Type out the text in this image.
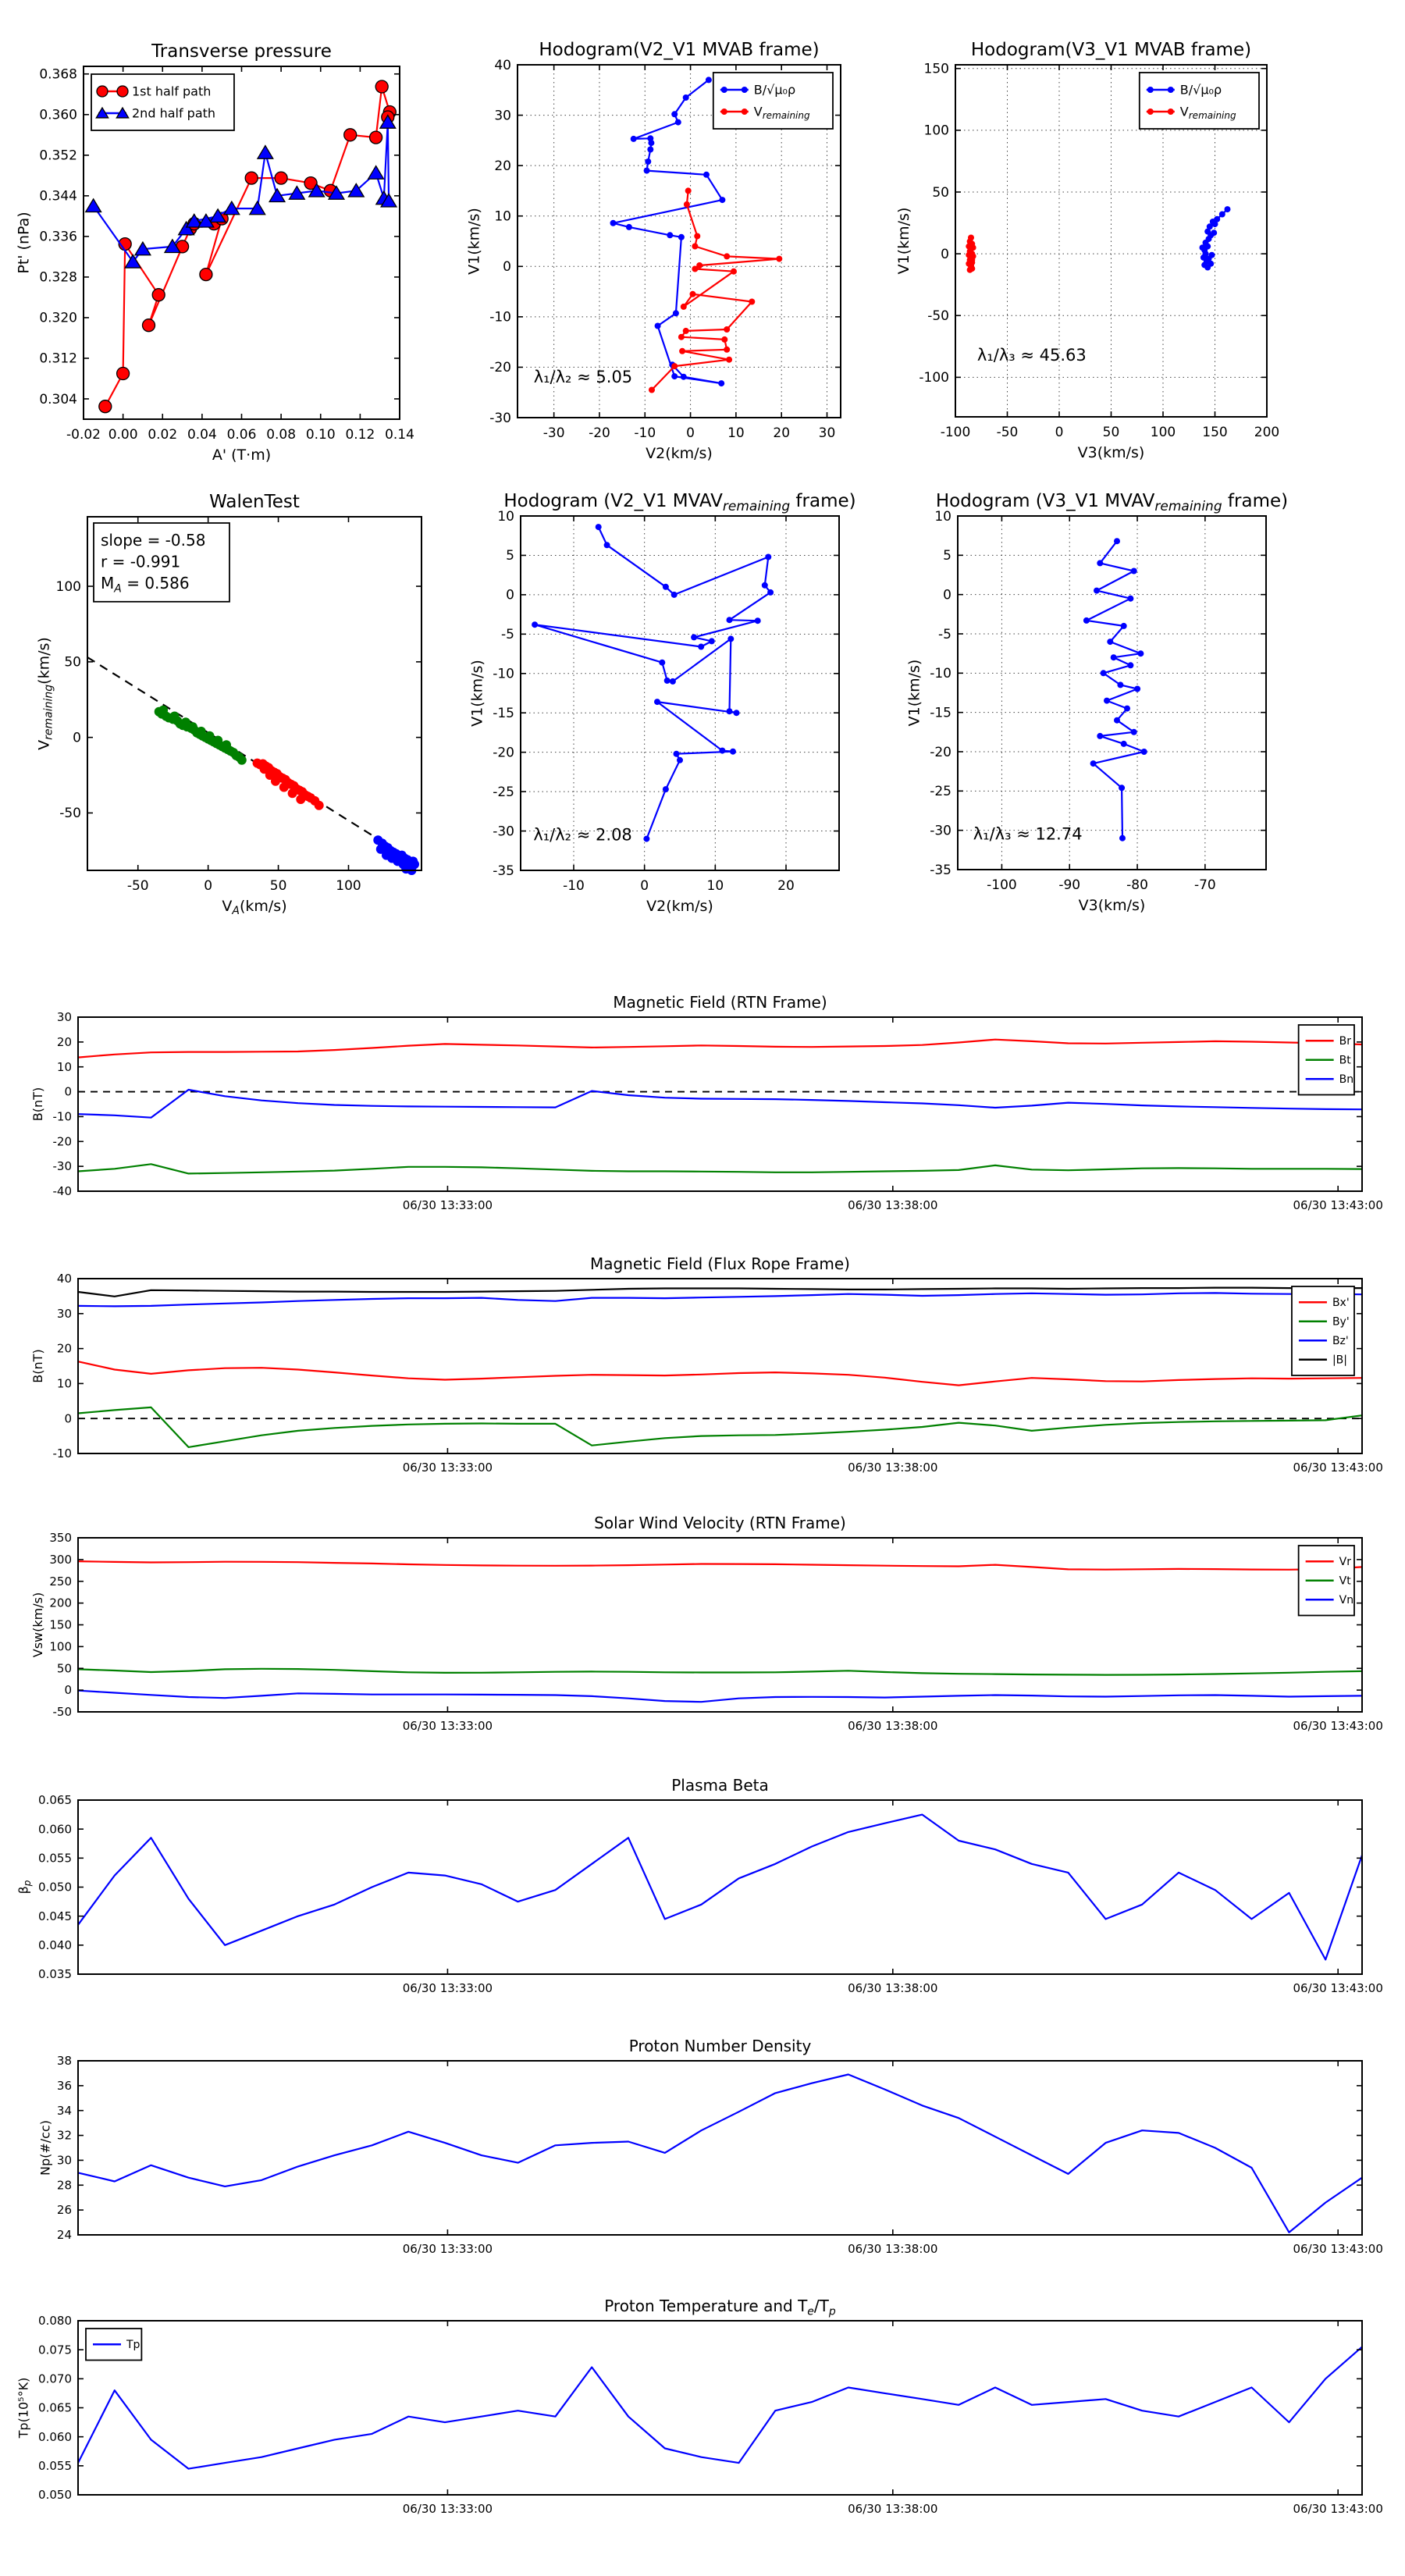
-0.02 0.00 0.02 0.04 0.06 0.08 0.10 0.12 0.14
0.304
0.312
0.320
0.328
0.336
0.344
0.352
0.360
0.368
Transverse pressure
A' (T·m)
Pt' (nPa)
1st half path
2nd half path
-30 -20 -10 0 10 20 30
-30
-20
-10
0
10
20
30
40
Hodogram(V2_V1 MVAB frame)
V2(km/s)
V1(km/s)
B/√μ₀ρ
$V_{remaining}$
λ₁/λ₂ ≈ 5.05
-100 -50	0	50 100 150 200
-100
-50
0
50
100
150
Hodogram(V3_V1 MVAB frame)
V3(km/s)
V1(km/s)
B/√μ₀ρ
$V_{remaining}$
λ₁/λ₃ ≈ 45.63
-50	0	50	100
-50
0
50
100
WalenTest
$V_A(km/s)$
$V_{remaining}(km/s)$
slope = -0.58
r = -0.991
$M_A = 0.586$
-10	0	10	20
-35
-30
-25
-20
-15
-10
-5
0
5
10
Hodogram (V2_V1 $MVAV_{remaining}$ frame)
V2(km/s)
V1(km/s)
λ₁/λ₂ ≈ 2.08
-100	-90	-80	-70
-35
-30
-25
-20
-15
-10
-5
0
5
10
Hodogram (V3_V1 $MVAV_{remaining}$ frame)
V3(km/s)
V1(km/s)
λ₁/λ₃ ≈ 12.74
06/30 13:33:00	06/30 13:38:00	06/30 13:43:00
-40
-30
-20
-10
0
10
20
30
Magnetic Field (RTN Frame)
B(nT)
Br
Bt
Bn
06/30 13:33:00	06/30 13:38:00	06/30 13:43:00
-10
0
10
20
30
40
Magnetic Field (Flux Rope Frame)
B(nT)
Bx'
By'
Bz'
|B|
06/30 13:33:00	06/30 13:38:00	06/30 13:43:00
-50
0
50
100
150
200
250
300
350
Solar Wind Velocity (RTN Frame)
Vsw(km/s)
Vr
Vt
Vn
06/30 13:33:00	06/30 13:38:00	06/30 13:43:00
0.035
0.040
0.045
0.050
0.055
0.060
0.065
Plasma Beta
$\beta_p$
06/30 13:33:00	06/30 13:38:00	06/30 13:43:00
24
26
28
30
32
34
36
38
Proton Number Density
Np(#/cc)
06/30 13:33:00	06/30 13:38:00	06/30 13:43:00
0.050
0.055
0.060
0.065
0.070
0.075
0.080
Proton Temperature and $T_e/T_p$
Tp(10⁵°K)
Tp
